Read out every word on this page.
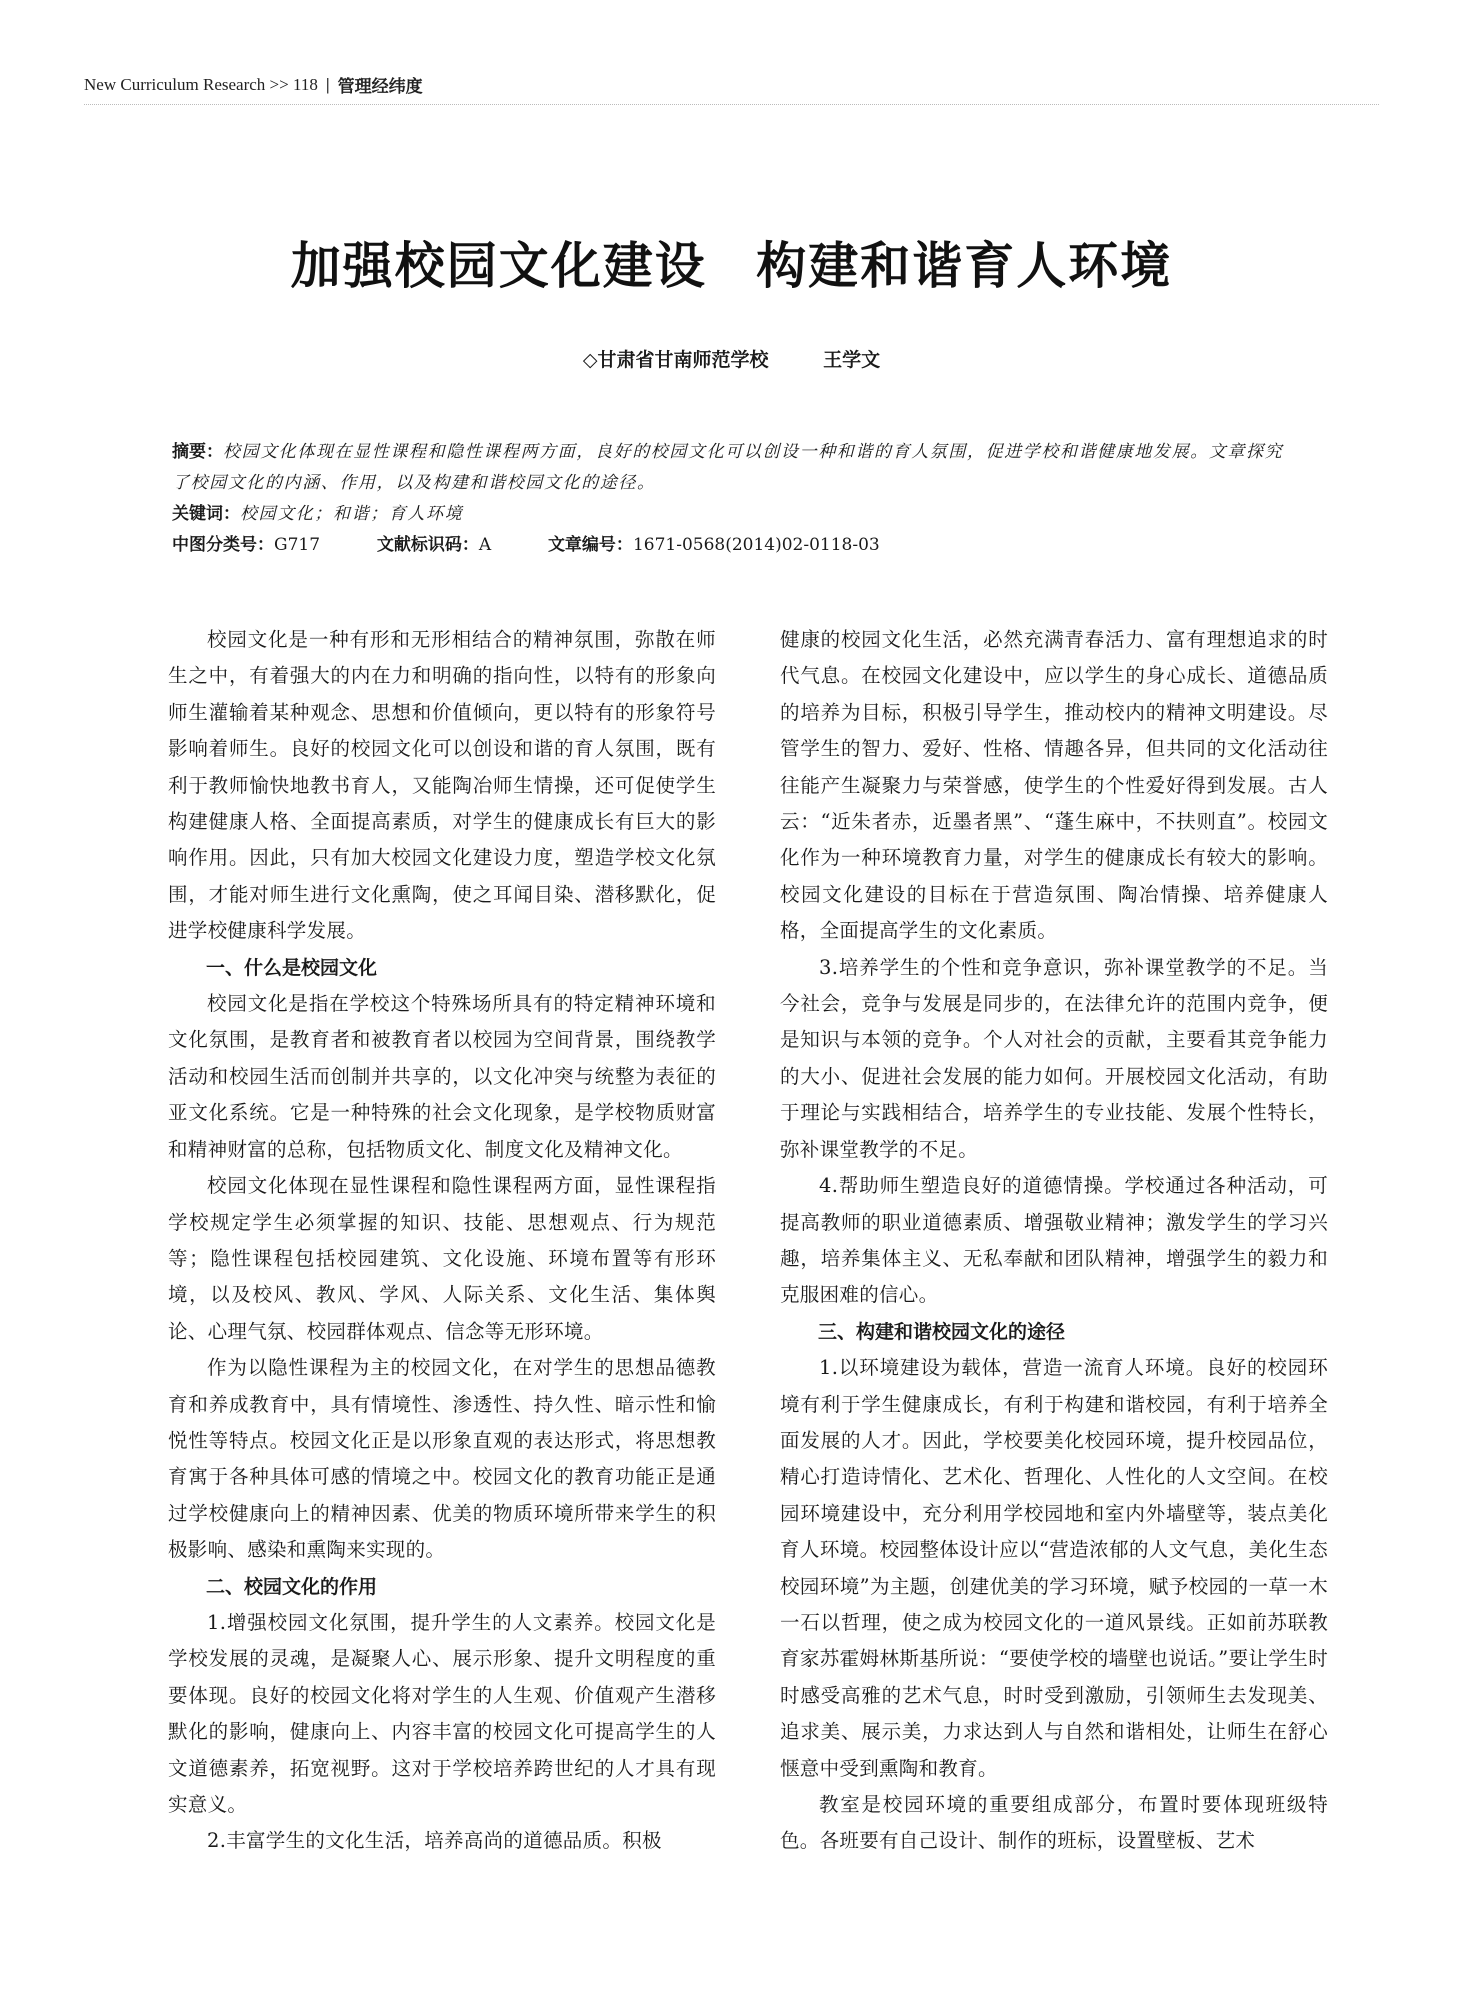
New Curriculum Research >> 118 | 管理经纬度
加强校园文化建设 构建和谐育人环境
◇甘肃省甘南师范学校	王学文
摘要：校园文化体现在显性课程和隐性课程两方面，良好的校园文化可以创设一种和谐的育人氛围，促进学校和谐健康地发展。文章探究了校园文化的内涵、作用，以及构建和谐校园文化的途径。
关键词：校园文化；和谐；育人环境
中图分类号：G717	文献标识码：A	文章编号：1671-0568(2014)02-0118-03

校园文化是一种有形和无形相结合的精神氛围，弥散在师生之中，有着强大的内在力和明确的指向性，以特有的形象向师生灌输着某种观念、思想和价值倾向，更以特有的形象符号影响着师生。良好的校园文化可以创设和谐的育人氛围，既有利于教师愉快地教书育人，又能陶冶师生情操，还可促使学生构建健康人格、全面提高素质，对学生的健康成长有巨大的影响作用。因此，只有加大校园文化建设力度，塑造学校文化氛围，才能对师生进行文化熏陶，使之耳闻目染、潜移默化，促进学校健康科学发展。

一、什么是校园文化

校园文化是指在学校这个特殊场所具有的特定精神环境和文化氛围，是教育者和被教育者以校园为空间背景，围绕教学活动和校园生活而创制并共享的，以文化冲突与统整为表征的亚文化系统。它是一种特殊的社会文化现象，是学校物质财富和精神财富的总称，包括物质文化、制度文化及精神文化。

校园文化体现在显性课程和隐性课程两方面，显性课程指学校规定学生必须掌握的知识、技能、思想观点、行为规范等；隐性课程包括校园建筑、文化设施、环境布置等有形环境，以及校风、教风、学风、人际关系、文化生活、集体舆论、心理气氛、校园群体观点、信念等无形环境。

作为以隐性课程为主的校园文化，在对学生的思想品德教育和养成教育中，具有情境性、渗透性、持久性、暗示性和愉悦性等特点。校园文化正是以形象直观的表达形式，将思想教育寓于各种具体可感的情境之中。校园文化的教育功能正是通过学校健康向上的精神因素、优美的物质环境所带来学生的积极影响、感染和熏陶来实现的。

二、校园文化的作用

1.增强校园文化氛围，提升学生的人文素养。校园文化是学校发展的灵魂，是凝聚人心、展示形象、提升文明程度的重要体现。良好的校园文化将对学生的人生观、价值观产生潜移默化的影响，健康向上、内容丰富的校园文化可提高学生的人文道德素养，拓宽视野。这对于学校培养跨世纪的人才具有现实意义。

2.丰富学生的文化生活，培养高尚的道德品质。积极

健康的校园文化生活，必然充满青春活力、富有理想追求的时代气息。在校园文化建设中，应以学生的身心成长、道德品质的培养为目标，积极引导学生，推动校内的精神文明建设。尽管学生的智力、爱好、性格、情趣各异，但共同的文化活动往往能产生凝聚力与荣誉感，使学生的个性爱好得到发展。古人云：“近朱者赤，近墨者黑”、“蓬生麻中，不扶则直”。校园文化作为一种环境教育力量，对学生的健康成长有较大的影响。校园文化建设的目标在于营造氛围、陶冶情操、培养健康人格，全面提高学生的文化素质。

3.培养学生的个性和竞争意识，弥补课堂教学的不足。当今社会，竞争与发展是同步的，在法律允许的范围内竞争，便是知识与本领的竞争。个人对社会的贡献，主要看其竞争能力的大小、促进社会发展的能力如何。开展校园文化活动，有助于理论与实践相结合，培养学生的专业技能、发展个性特长，弥补课堂教学的不足。

4.帮助师生塑造良好的道德情操。学校通过各种活动，可提高教师的职业道德素质、增强敬业精神；激发学生的学习兴趣，培养集体主义、无私奉献和团队精神，增强学生的毅力和克服困难的信心。

三、构建和谐校园文化的途径

1.以环境建设为载体，营造一流育人环境。良好的校园环境有利于学生健康成长，有利于构建和谐校园，有利于培养全面发展的人才。因此，学校要美化校园环境，提升校园品位，精心打造诗情化、艺术化、哲理化、人性化的人文空间。在校园环境建设中，充分利用学校园地和室内外墙壁等，装点美化育人环境。校园整体设计应以“营造浓郁的人文气息，美化生态校园环境”为主题，创建优美的学习环境，赋予校园的一草一木一石以哲理，使之成为校园文化的一道风景线。正如前苏联教育家苏霍姆林斯基所说：“要使学校的墙壁也说话。”要让学生时时感受高雅的艺术气息，时时受到激励，引领师生去发现美、追求美、展示美，力求达到人与自然和谐相处，让师生在舒心惬意中受到熏陶和教育。

教室是校园环境的重要组成部分，布置时要体现班级特色。各班要有自己设计、制作的班标，设置壁板、艺术
